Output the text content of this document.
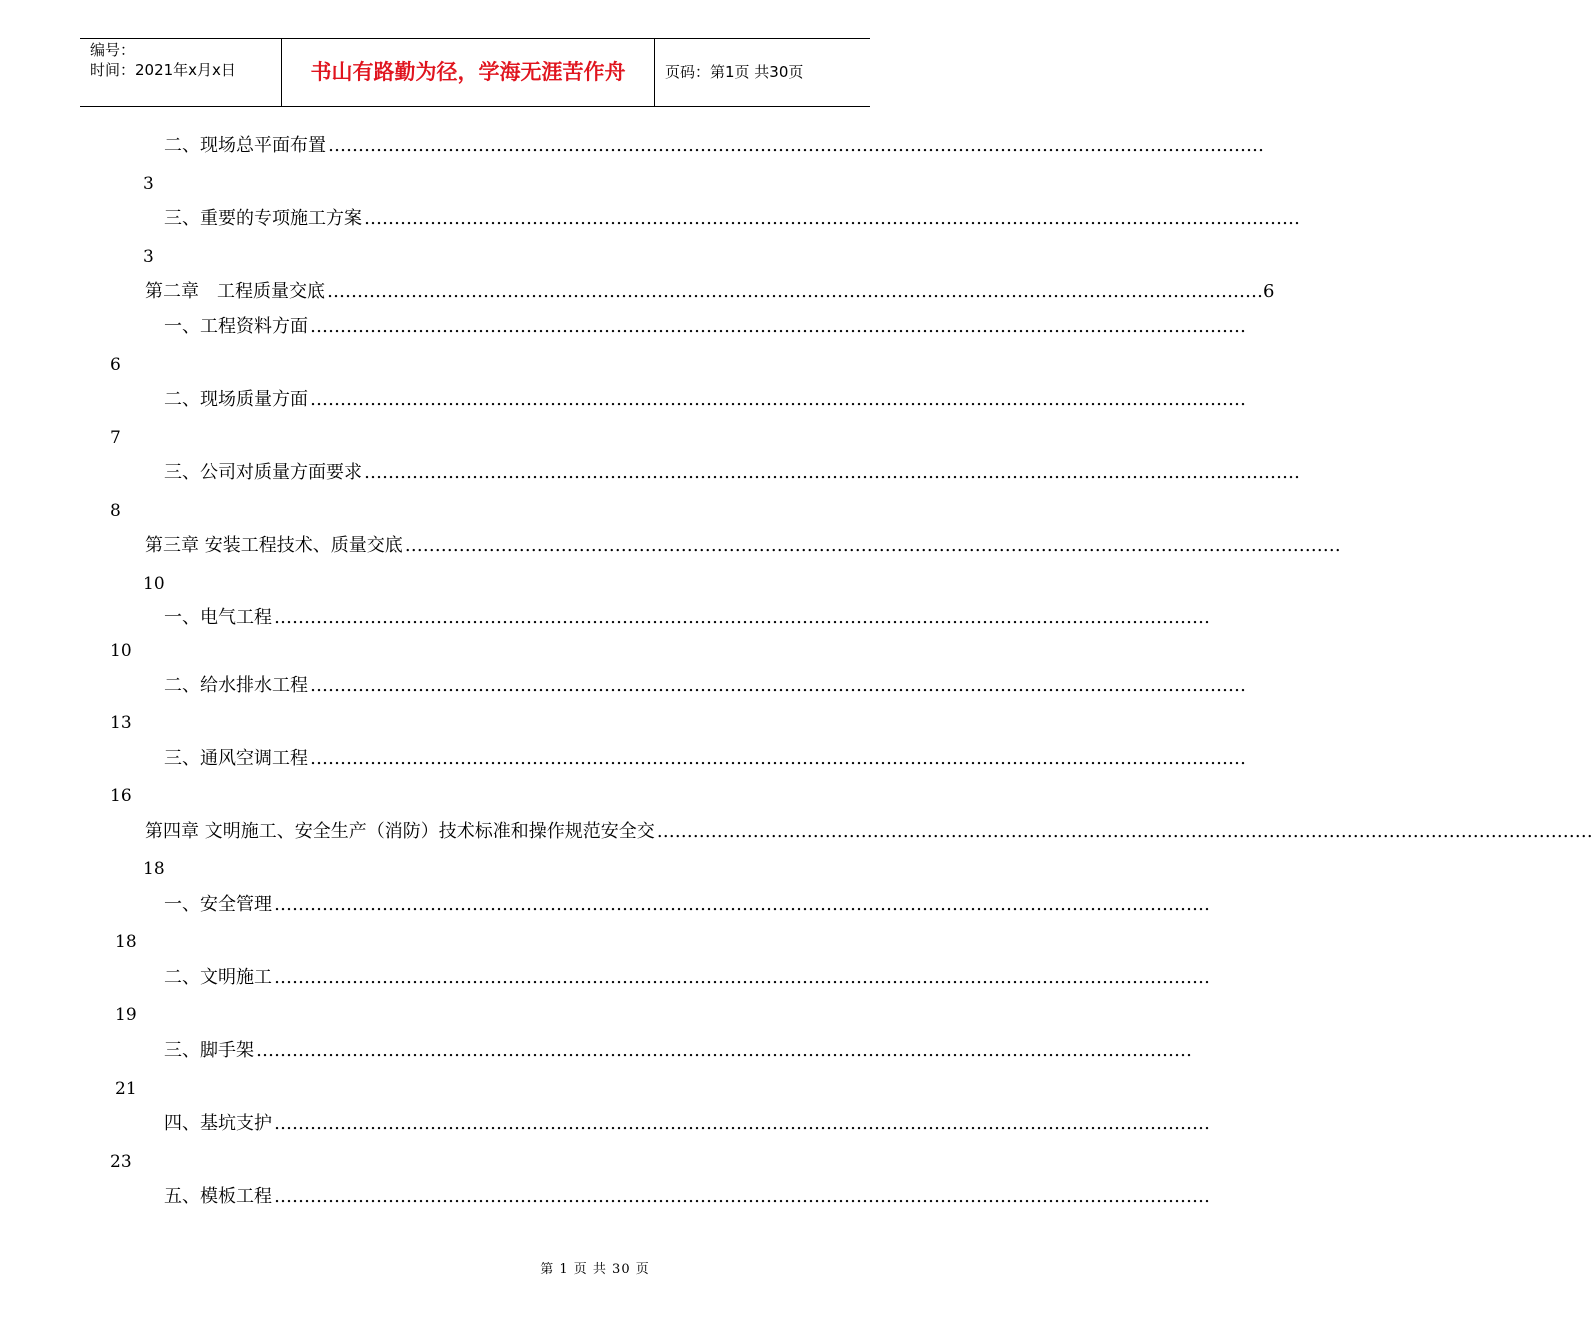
编号：
时间：2021年x月x日	书山有路勤为径，学海无涯苦作舟	页码：第1页 共30页
二、现场总平面布置 …………………………………………………………………………………………………………………………………………
3
三、重要的专项施工方案 …………………………………………………………………………………………………………………………………………
3
第二章　工程质量交底 ………………………………………………………………………………………………………………………………………… 6
一、工程资料方面 …………………………………………………………………………………………………………………………………………
6
二、现场质量方面 …………………………………………………………………………………………………………………………………………
7
三、公司对质量方面要求 …………………………………………………………………………………………………………………………………………
8
第三章 安装工程技术、质量交底 …………………………………………………………………………………………………………………………………………
10
一、电气工程 …………………………………………………………………………………………………………………………………………
10
二、给水排水工程 …………………………………………………………………………………………………………………………………………
13
三、通风空调工程 …………………………………………………………………………………………………………………………………………
16
第四章 文明施工、安全生产（消防）技术标准和操作规范安全交 …………………………………………………………………………………………………………………………………………
18
一、安全管理 …………………………………………………………………………………………………………………………………………
18
二、文明施工 …………………………………………………………………………………………………………………………………………
19
三、脚手架 …………………………………………………………………………………………………………………………………………
21
四、基坑支护 …………………………………………………………………………………………………………………………………………
23
五、模板工程 …………………………………………………………………………………………………………………………………………
第 1 页 共 30 页
